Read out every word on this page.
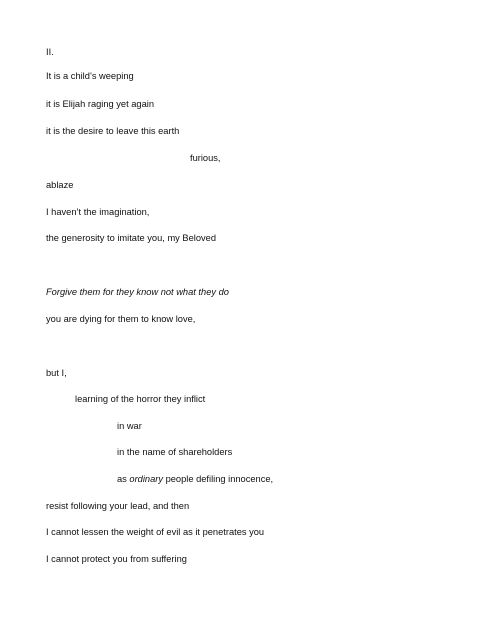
II.
It is a child’s weeping
it is Elijah raging yet again
it is the desire to leave this earth
furious,
ablaze
I haven’t the imagination,
the generosity to imitate you, my Beloved
Forgive them for they know not what they do
you are dying for them to know love,
but I,
learning of the horror they inflict
in war
in the name of shareholders
as ordinary people defiling innocence,
resist following your lead, and then
I cannot lessen the weight of evil as it penetrates you
I cannot protect you from suffering
